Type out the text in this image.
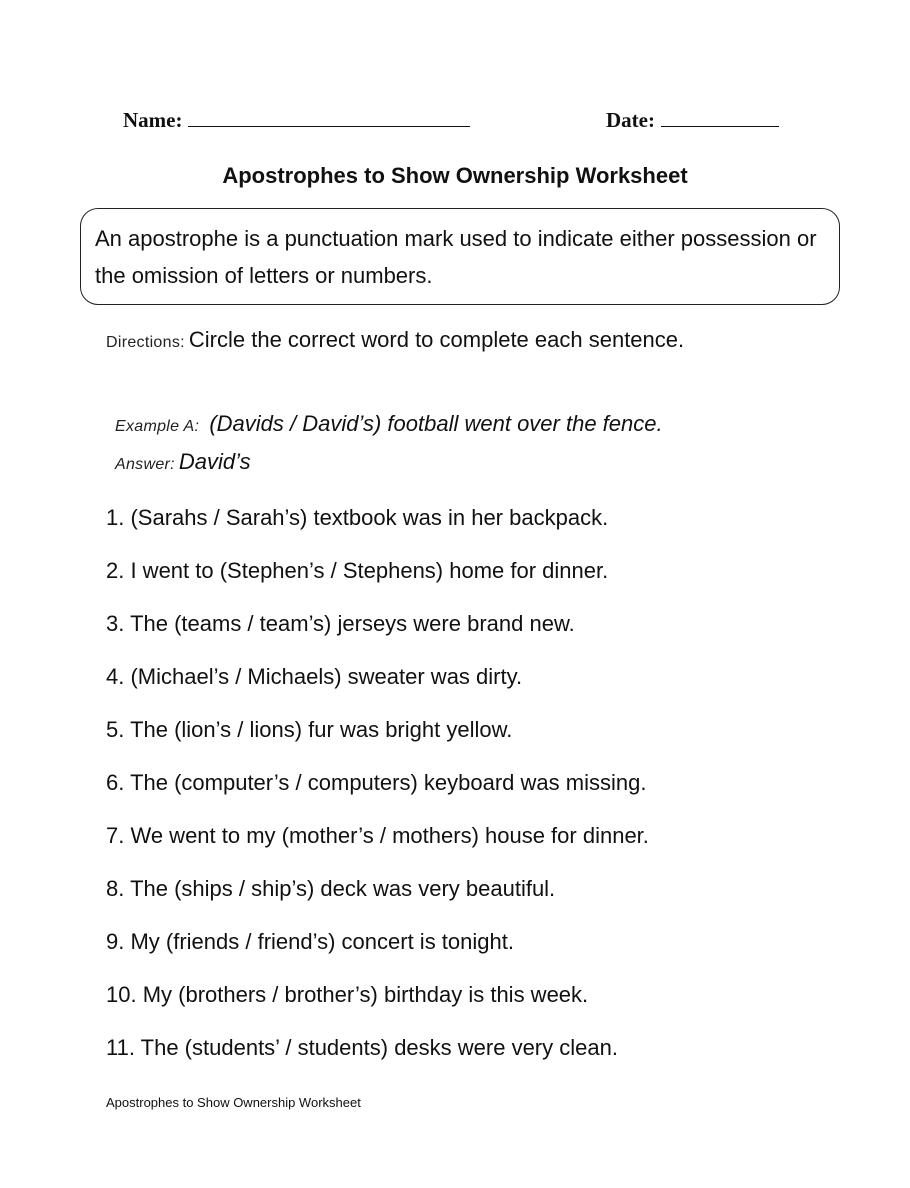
Name:	Date:
Apostrophes to Show Ownership Worksheet
An apostrophe is a punctuation mark used to indicate either possession or the omission of letters or numbers.
Directions: Circle the correct word to complete each sentence.
Example A: (Davids / David’s) football went over the fence.
Answer: David’s
1. (Sarahs / Sarah’s) textbook was in her backpack.
2. I went to (Stephen’s / Stephens) home for dinner.
3. The (teams / team’s) jerseys were brand new.
4. (Michael’s / Michaels) sweater was dirty.
5. The (lion’s / lions) fur was bright yellow.
6. The (computer’s / computers) keyboard was missing.
7. We went to my (mother’s / mothers) house for dinner.
8. The (ships / ship’s) deck was very beautiful.
9. My (friends / friend’s) concert is tonight.
10. My (brothers / brother’s) birthday is this week.
11. The (students’ / students) desks were very clean.
Apostrophes to Show Ownership Worksheet
